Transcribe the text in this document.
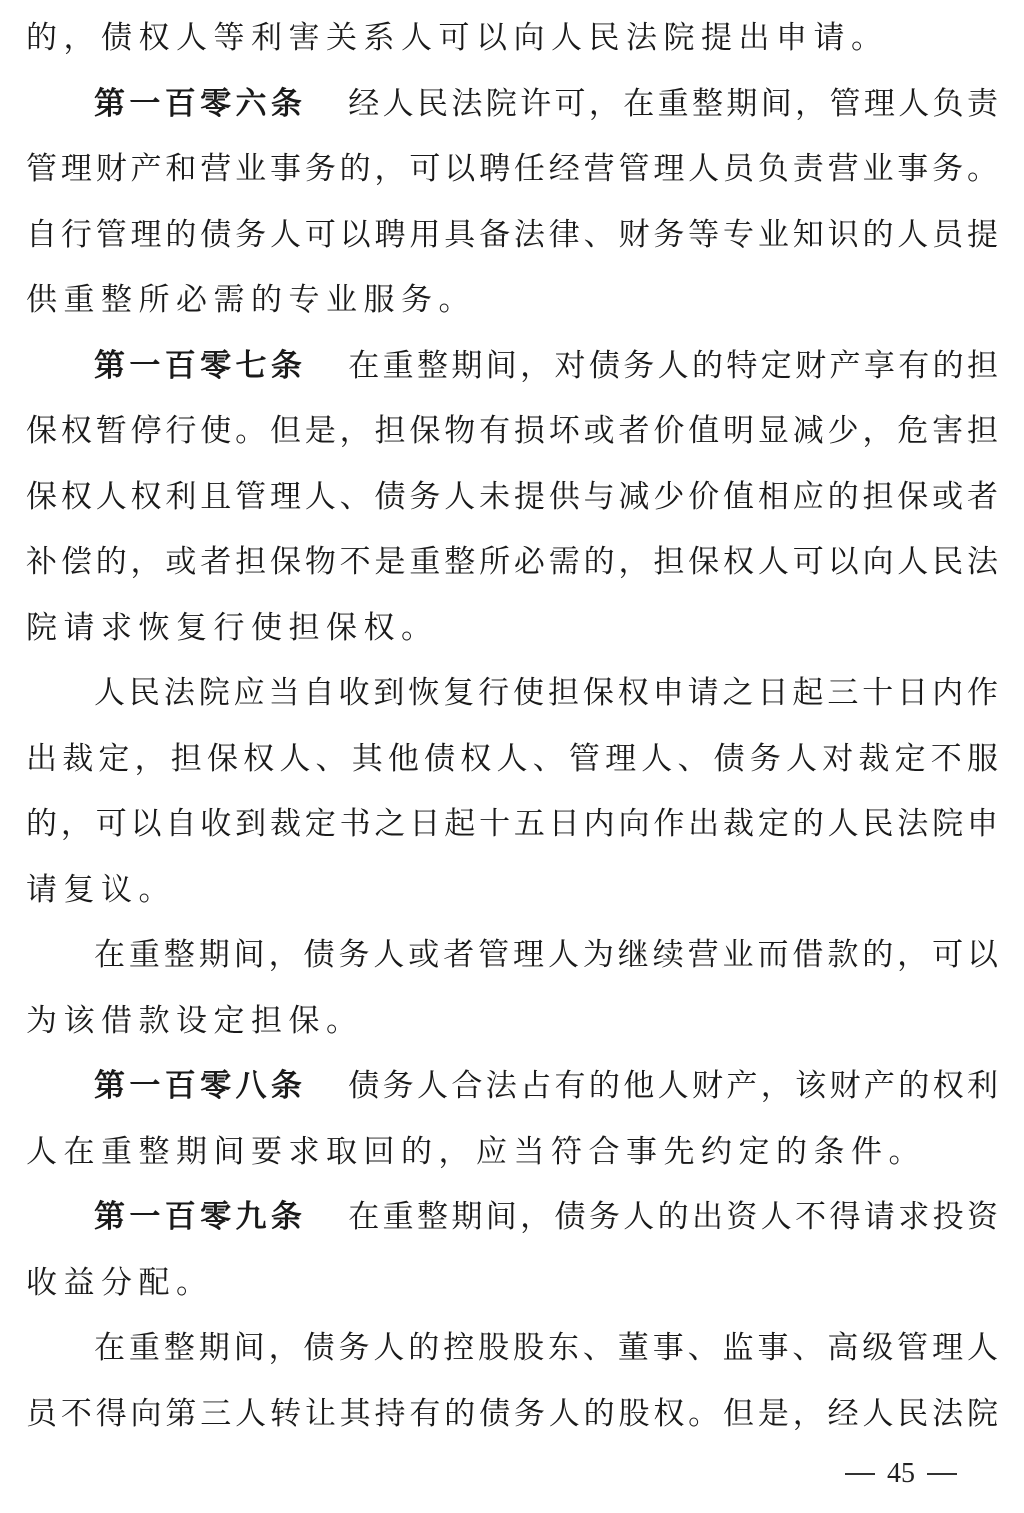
的，债权人等利害关系人可以向人民法院提出申请。
第一百零六条 经人民法院许可，在重整期间，管理人负责
管理财产和营业事务的，可以聘任经营管理人员负责营业事务。
自行管理的债务人可以聘用具备法律、财务等专业知识的人员提
供重整所必需的专业服务。
第一百零七条 在重整期间，对债务人的特定财产享有的担
保权暂停行使。但是，担保物有损坏或者价值明显减少，危害担
保权人权利且管理人、债务人未提供与减少价值相应的担保或者
补偿的，或者担保物不是重整所必需的，担保权人可以向人民法
院请求恢复行使担保权。
人民法院应当自收到恢复行使担保权申请之日起三十日内作
出裁定，担保权人、其他债权人、管理人、债务人对裁定不服
的，可以自收到裁定书之日起十五日内向作出裁定的人民法院申
请复议。
在重整期间，债务人或者管理人为继续营业而借款的，可以
为该借款设定担保。
第一百零八条 债务人合法占有的他人财产，该财产的权利
人在重整期间要求取回的，应当符合事先约定的条件。
第一百零九条 在重整期间，债务人的出资人不得请求投资
收益分配。
在重整期间，债务人的控股股东、董事、监事、高级管理人
员不得向第三人转让其持有的债务人的股权。但是，经人民法院
45
